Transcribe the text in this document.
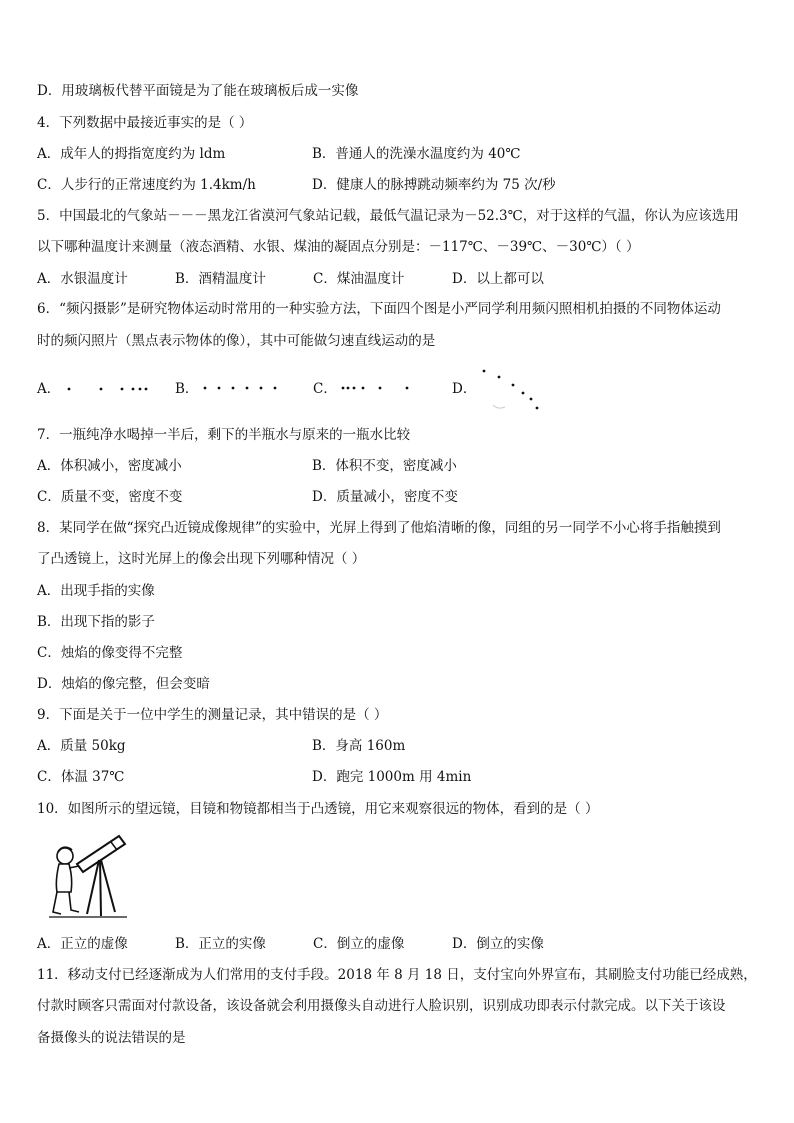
D．用玻璃板代替平面镜是为了能在玻璃板后成一实像
4．下列数据中最接近事实的是（ ）
A．成年人的拇指宽度约为 ldm	B．普通人的洗澡水温度约为 40℃
C．人步行的正常速度约为 1.4km/h	D．健康人的脉搏跳动频率约为 75 次/秒
5．中国最北的气象站－－－黑龙江省漠河气象站记载，最低气温记录为－52.3℃，对于这样的气温，你认为应该选用
以下哪种温度计来测量（液态酒精、水银、煤油的凝固点分别是：－117℃、－39℃、－30℃）（ ）
A．水银温度计	B．酒精温度计	C．煤油温度计	D．以上都可以
6．“频闪摄影”是研究物体运动时常用的一种实验方法，下面四个图是小严同学利用频闪照相机拍摄的不同物体运动
时的频闪照片（黑点表示物体的像），其中可能做匀速直线运动的是
A．	B．	C．	D．
7．一瓶纯净水喝掉一半后，剩下的半瓶水与原来的一瓶水比较
A．体积减小，密度减小	B．体积不变，密度减小
C．质量不变，密度不变	D．质量减小，密度不变
8．某同学在做“探究凸近镜成像规律”的实验中，光屏上得到了他焰清晰的像，同组的另一同学不小心将手指触摸到
了凸透镜上，这时光屏上的像会出现下列哪种情况（ ）
A．出现手指的实像
B．出现下指的影子
C．烛焰的像变得不完整
D．烛焰的像完整，但会变暗
9．下面是关于一位中学生的测量记录，其中错误的是（ ）
A．质量 50kg	B．身高 160m
C．体温 37℃	D．跑完 1000m 用 4min
10．如图所示的望远镜，目镜和物镜都相当于凸透镜，用它来观察很远的物体，看到的是（ ）
A．正立的虚像	B．正立的实像	C．倒立的虚像	D．倒立的实像
11．移动支付已经逐渐成为人们常用的支付手段。2018 年 8 月 18 日，支付宝向外界宣布，其刷脸支付功能已经成熟，
付款时顾客只需面对付款设备，该设备就会利用摄像头自动进行人脸识别，识别成功即表示付款完成。以下关于该设
备摄像头的说法错误的是
